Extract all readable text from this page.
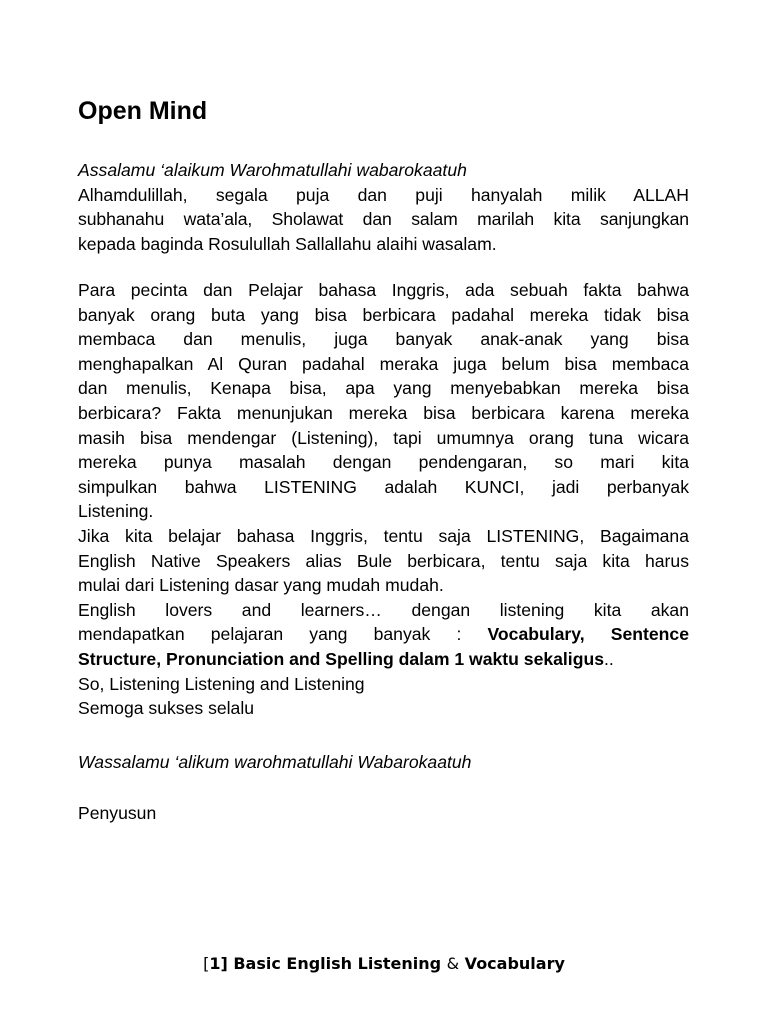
Open Mind

Assalamu ‘alaikum Warohmatullahi wabarokaatuh
Alhamdulillah, segala puja dan puji hanyalah milik ALLAH
subhanahu wata’ala, Sholawat dan salam marilah kita sanjungkan
kepada baginda Rosulullah Sallallahu alaihi wasalam.

Para pecinta dan Pelajar bahasa Inggris, ada sebuah fakta bahwa
banyak orang buta yang bisa berbicara padahal mereka tidak bisa
membaca dan menulis, juga banyak anak-anak yang bisa
menghapalkan Al Quran padahal meraka juga belum bisa membaca
dan menulis, Kenapa bisa, apa yang menyebabkan mereka bisa
berbicara? Fakta menunjukan mereka bisa berbicara karena mereka
masih bisa mendengar (Listening), tapi umumnya orang tuna wicara
mereka punya masalah dengan pendengaran, so mari kita
simpulkan bahwa LISTENING adalah KUNCI, jadi perbanyak
Listening.
Jika kita belajar bahasa Inggris, tentu saja LISTENING, Bagaimana
English Native Speakers alias Bule berbicara, tentu saja kita harus
mulai dari Listening dasar yang mudah mudah.
English lovers and learners… dengan listening kita akan
mendapatkan pelajaran yang banyak : Vocabulary, Sentence
Structure, Pronunciation and Spelling dalam 1 waktu sekaligus..
So, Listening Listening and Listening
Semoga sukses selalu

Wassalamu ‘alikum warohmatullahi Wabarokaatuh

Penyusun

[1] Basic English Listening & Vocabulary
